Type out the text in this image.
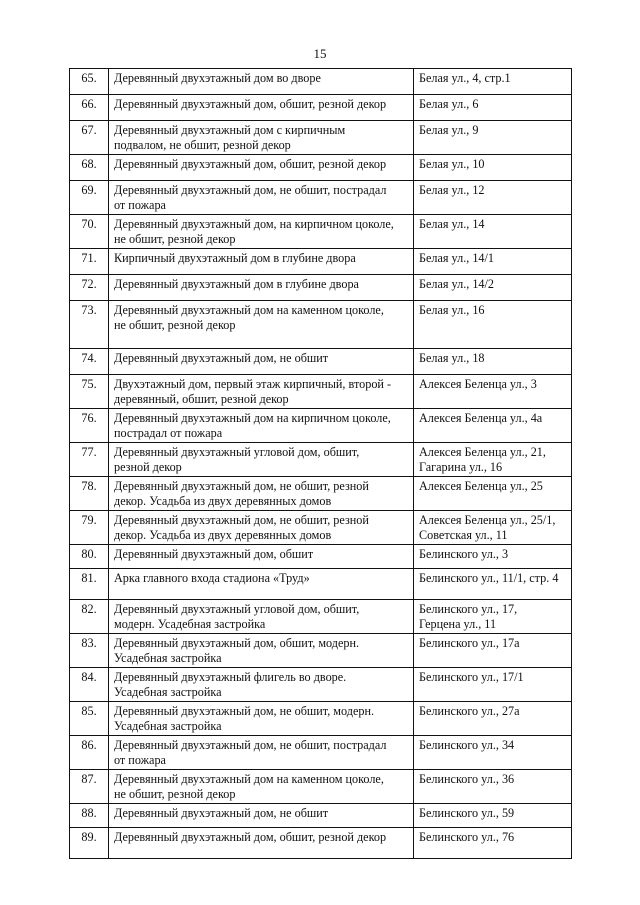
15
65.	Деревянный двухэтажный дом во дворе	Белая ул., 4, стр.1

66.	Деревянный двухэтажный дом, обшит, резной декор	Белая ул., 6

67.	Деревянный двухэтажный дом с кирпичным
подвалом, не обшит, резной декор	Белая ул., 9

68.	Деревянный двухэтажный дом, обшит, резной декор	Белая ул., 10

69.	Деревянный двухэтажный дом, не обшит, пострадал
от пожара	Белая ул., 12

70.	Деревянный двухэтажный дом, на кирпичном цоколе,
не обшит, резной декор	Белая ул., 14

71.	Кирпичный двухэтажный дом в глубине двора	Белая ул., 14/1

72.	Деревянный двухэтажный дом в глубине двора	Белая ул., 14/2

73.	Деревянный двухэтажный дом на каменном цоколе,
не обшит, резной декор	Белая ул., 16

74.	Деревянный двухэтажный дом, не обшит	Белая ул., 18

75.	Двухэтажный дом, первый этаж кирпичный, второй -
деревянный, обшит, резной декор	Алексея Беленца ул., 3

76.	Деревянный двухэтажный дом на кирпичном цоколе,
пострадал от пожара	Алексея Беленца ул., 4а

77.	Деревянный двухэтажный угловой дом, обшит,
резной декор	Алексея Беленца ул., 21,
Гагарина ул., 16

78.	Деревянный двухэтажный дом, не обшит, резной
декор. Усадьба из двух деревянных домов	Алексея Беленца ул., 25

79.	Деревянный двухэтажный дом, не обшит, резной
декор. Усадьба из двух деревянных домов	Алексея Беленца ул., 25/1,
Советская ул., 11

80.	Деревянный двухэтажный дом, обшит	Белинского ул., 3

81.	Арка главного входа стадиона «Труд»	Белинского ул., 11/1, стр. 4

82.	Деревянный двухэтажный угловой дом, обшит,
модерн. Усадебная застройка	Белинского ул., 17,
Герцена ул., 11

83.	Деревянный двухэтажный дом, обшит, модерн.
Усадебная застройка	Белинского ул., 17а

84.	Деревянный двухэтажный флигель во дворе.
Усадебная застройка	Белинского ул., 17/1

85.	Деревянный двухэтажный дом, не обшит, модерн.
Усадебная застройка	Белинского ул., 27а

86.	Деревянный двухэтажный дом, не обшит, пострадал
от пожара	Белинского ул., 34

87.	Деревянный двухэтажный дом на каменном цоколе,
не обшит, резной декор	Белинского ул., 36

88.	Деревянный двухэтажный дом, не обшит	Белинского ул., 59

89.	Деревянный двухэтажный дом, обшит, резной декор	Белинского ул., 76
